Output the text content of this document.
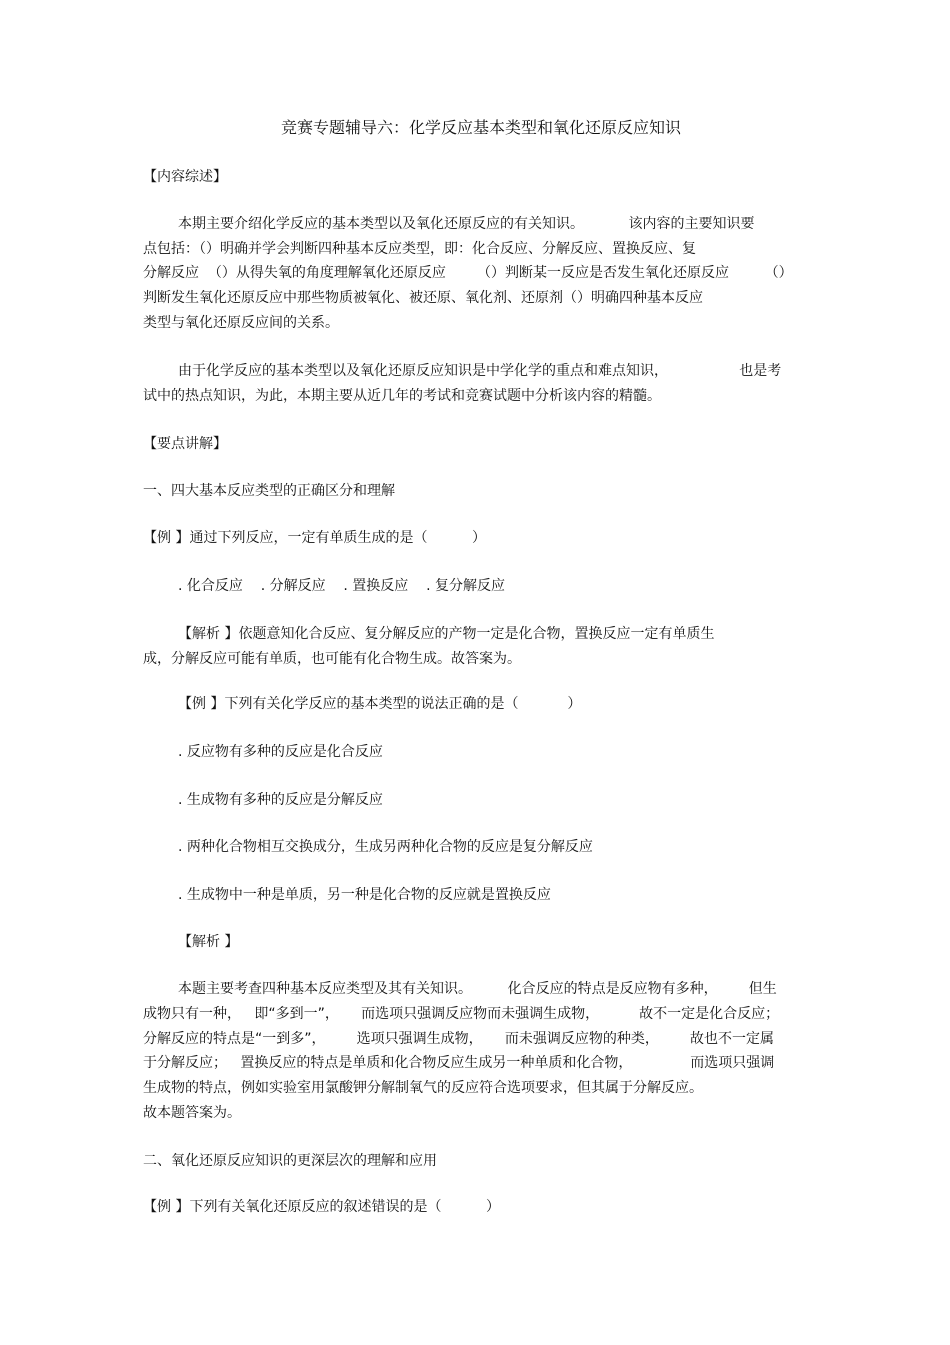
竞赛专题辅导六：化学反应基本类型和氧化还原反应知识
【内容综述】
本期主要介绍化学反应的基本类型以及氧化还原反应的有关知识。          该内容的主要知识要
点包括：（）明确并学会判断四种基本反应类型，即：化合反应、分解反应、置换反应、复
分解反应  （）从得失氧的角度理解氧化还原反应       （）判断某一反应是否发生氧化还原反应        （）
判断发生氧化还原反应中那些物质被氧化、被还原、氧化剂、还原剂（）明确四种基本反应
类型与氧化还原反应间的关系。
由于化学反应的基本类型以及氧化还原反应知识是中学化学的重点和难点知识，                也是考
试中的热点知识，为此，本期主要从近几年的考试和竞赛试题中分析该内容的精髓。
【要点讲解】
一、四大基本反应类型的正确区分和理解
【例 】通过下列反应，一定有单质生成的是（          ）
. 化合反应    . 分解反应    . 置换反应    . 复分解反应
【解析 】依题意知化合反应、复分解反应的产物一定是化合物，置换反应一定有单质生
成，分解反应可能有单质，也可能有化合物生成。故答案为。
【例 】下列有关化学反应的基本类型的说法正确的是（           ）
. 反应物有多种的反应是化合反应
. 生成物有多种的反应是分解反应
. 两种化合物相互交换成分，生成另两种化合物的反应是复分解反应
. 生成物中一种是单质，另一种是化合物的反应就是置换反应
【解析 】
本题主要考查四种基本反应类型及其有关知识。        化合反应的特点是反应物有多种，       但生
成物只有一种，   即“多到一”，     而选项只强调反应物而未强调生成物，         故不一定是化合反应；
分解反应的特点是“一到多”，       选项只强调生成物，     而未强调反应物的种类，       故也不一定属
于分解反应；   置换反应的特点是单质和化合物反应生成另一种单质和化合物，             而选项只强调
生成物的特点，例如实验室用氯酸钾分解制氧气的反应符合选项要求，但其属于分解反应。
故本题答案为。
二、氧化还原反应知识的更深层次的理解和应用
【例 】下列有关氧化还原反应的叙述错误的是（          ）
